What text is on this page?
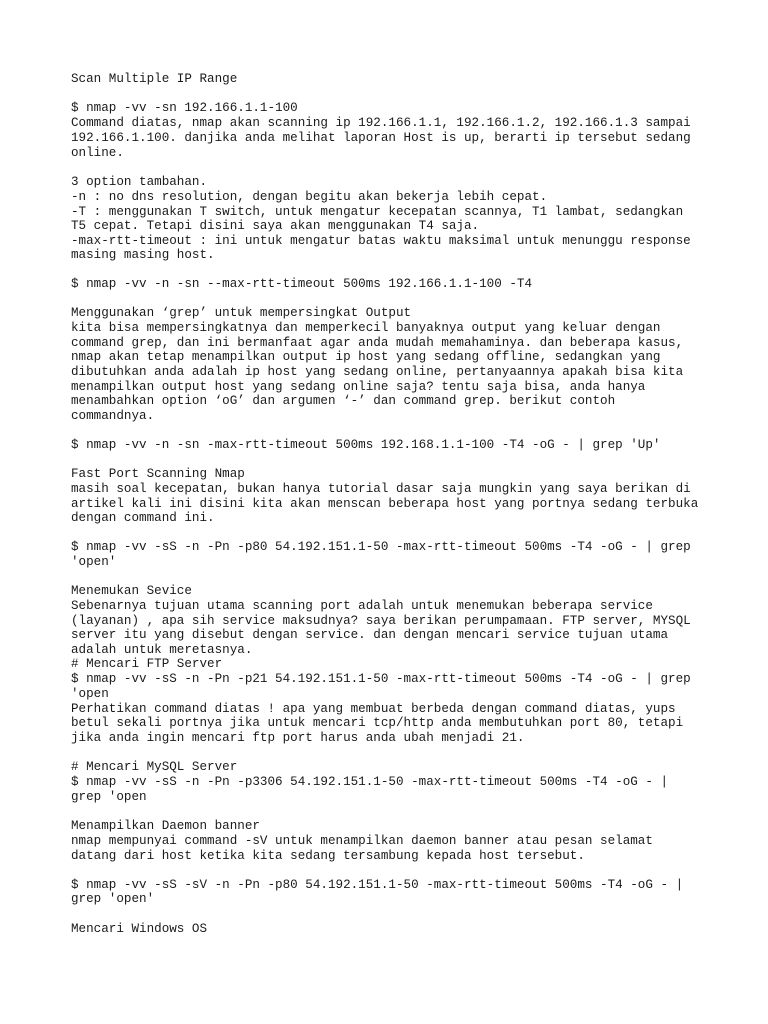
Scan Multiple IP Range
$ nmap -vv -sn 192.166.1.1-100
Command diatas, nmap akan scanning ip 192.166.1.1, 192.166.1.2, 192.166.1.3 sampai
192.166.1.100. danjika anda melihat laporan Host is up, berarti ip tersebut sedang
online.
3 option tambahan.
-n : no dns resolution, dengan begitu akan bekerja lebih cepat.
-T : menggunakan T switch, untuk mengatur kecepatan scannya, T1 lambat, sedangkan
T5 cepat. Tetapi disini saya akan menggunakan T4 saja.
-max-rtt-timeout : ini untuk mengatur batas waktu maksimal untuk menunggu response
masing masing host.
$ nmap -vv -n -sn --max-rtt-timeout 500ms 192.166.1.1-100 -T4
Menggunakan ‘grep’ untuk mempersingkat Output
kita bisa mempersingkatnya dan memperkecil banyaknya output yang keluar dengan
command grep, dan ini bermanfaat agar anda mudah memahaminya. dan beberapa kasus,
nmap akan tetap menampilkan output ip host yang sedang offline, sedangkan yang
dibutuhkan anda adalah ip host yang sedang online, pertanyaannya apakah bisa kita
menampilkan output host yang sedang online saja? tentu saja bisa, anda hanya
menambahkan option ‘oG’ dan argumen ‘-’ dan command grep. berikut contoh
commandnya.
$ nmap -vv -n -sn -max-rtt-timeout 500ms 192.168.1.1-100 -T4 -oG - | grep 'Up'
Fast Port Scanning Nmap
masih soal kecepatan, bukan hanya tutorial dasar saja mungkin yang saya berikan di
artikel kali ini disini kita akan menscan beberapa host yang portnya sedang terbuka
dengan command ini.
$ nmap -vv -sS -n -Pn -p80 54.192.151.1-50 -max-rtt-timeout 500ms -T4 -oG - | grep
'open'
Menemukan Sevice
Sebenarnya tujuan utama scanning port adalah untuk menemukan beberapa service
(layanan) , apa sih service maksudnya? saya berikan perumpamaan. FTP server, MYSQL
server itu yang disebut dengan service. dan dengan mencari service tujuan utama
adalah untuk meretasnya.
# Mencari FTP Server
$ nmap -vv -sS -n -Pn -p21 54.192.151.1-50 -max-rtt-timeout 500ms -T4 -oG - | grep
'open
Perhatikan command diatas ! apa yang membuat berbeda dengan command diatas, yups
betul sekali portnya jika untuk mencari tcp/http anda membutuhkan port 80, tetapi
jika anda ingin mencari ftp port harus anda ubah menjadi 21.
# Mencari MySQL Server
$ nmap -vv -sS -n -Pn -p3306 54.192.151.1-50 -max-rtt-timeout 500ms -T4 -oG - |
grep 'open
Menampilkan Daemon banner
nmap mempunyai command -sV untuk menampilkan daemon banner atau pesan selamat
datang dari host ketika kita sedang tersambung kepada host tersebut.
$ nmap -vv -sS -sV -n -Pn -p80 54.192.151.1-50 -max-rtt-timeout 500ms -T4 -oG - |
grep 'open'
Mencari Windows OS
